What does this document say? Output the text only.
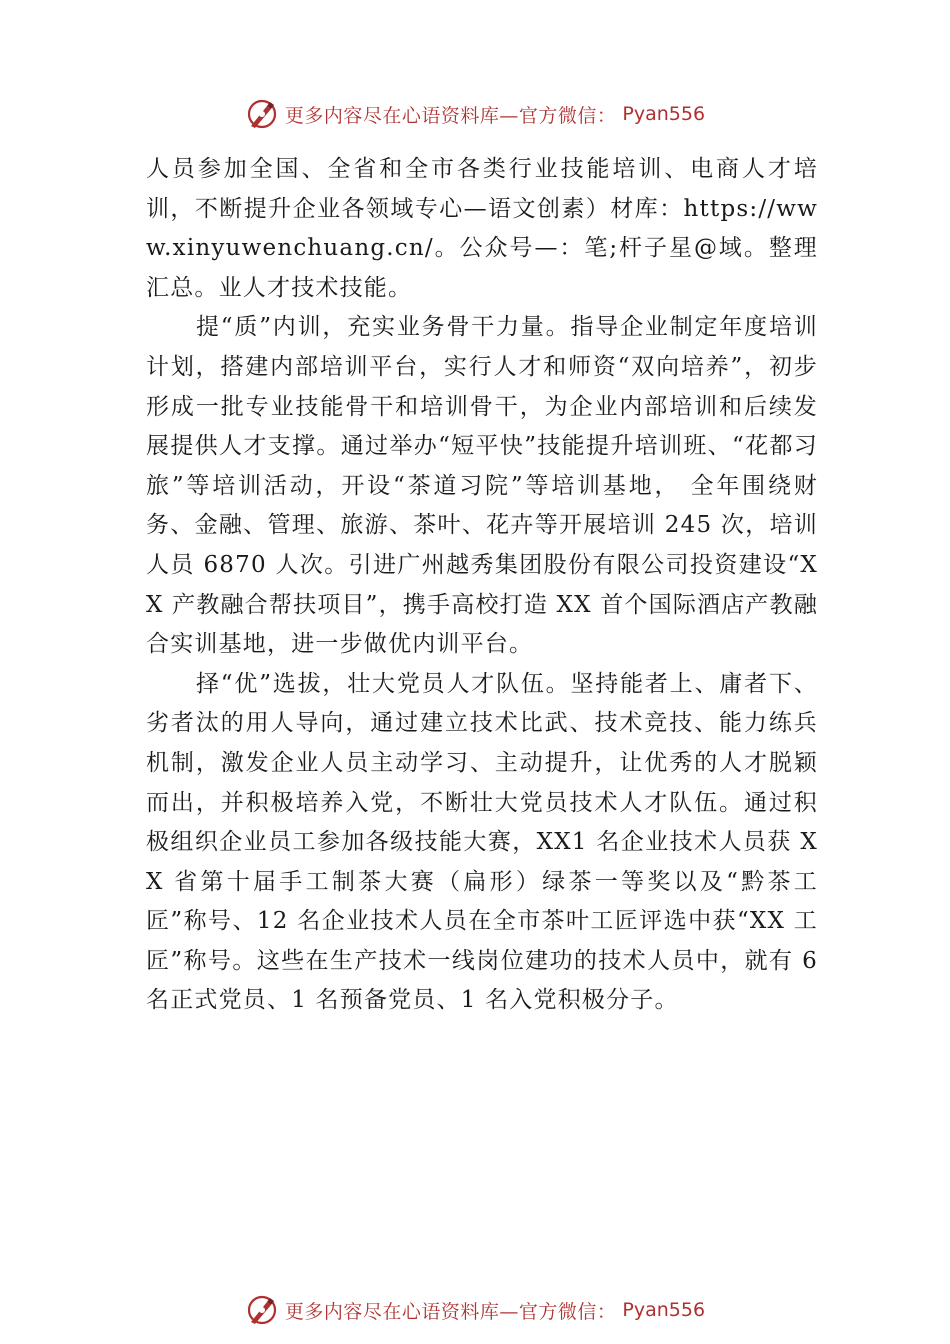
更多内容尽在心语资料库—官方微信： Pyan556

人员参加全国、全省和全市各类行业技能培训、电商人才培训，不断提升企业各领域专心—语文创素）材库：https://www.xinyuwenchuang.cn/。公众号—：笔;杆子星@域。整理汇总。业人才技术技能。

提“质”内训，充实业务骨干力量。指导企业制定年度培训计划，搭建内部培训平台，实行人才和师资“双向培养”，初步形成一批专业技能骨干和培训骨干，为企业内部培训和后续发展提供人才支撑。通过举办“短平快”技能提升培训班、“花都习旅”等培训活动，开设“茶道习院”等培训基地， 全年围绕财务、金融、管理、旅游、茶叶、花卉等开展培训 245 次，培训人员 6870 人次。引进广州越秀集团股份有限公司投资建设“XX 产教融合帮扶项目”，携手高校打造 XX 首个国际酒店产教融合实训基地，进一步做优内训平台。

择“优”选拔，壮大党员人才队伍。坚持能者上、庸者下、劣者汰的用人导向，通过建立技术比武、技术竞技、能力练兵机制，激发企业人员主动学习、主动提升，让优秀的人才脱颖而出，并积极培养入党，不断壮大党员技术人才队伍。通过积极组织企业员工参加各级技能大赛，XX1 名企业技术人员获 XX 省第十届手工制茶大赛（扁形）绿茶一等奖以及“黔茶工匠”称号、12 名企业技术人员在全市茶叶工匠评选中获“XX 工匠”称号。这些在生产技术一线岗位建功的技术人员中，就有 6 名正式党员、1 名预备党员、1 名入党积极分子。

更多内容尽在心语资料库—官方微信： Pyan556
